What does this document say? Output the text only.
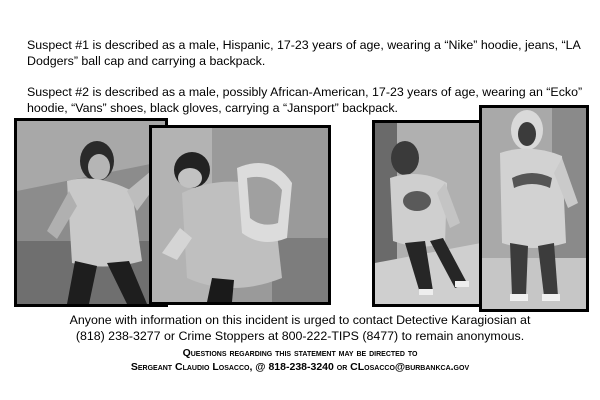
Suspect #1 is described as a male, Hispanic, 17-23 years of age, wearing a “Nike” hoodie, jeans, “LA Dodgers” ball cap and carrying a backpack.

Suspect #2 is described as a male, possibly African-American, 17-23 years of age, wearing an “Ecko” hoodie, “Vans” shoes, black gloves, carrying a “Jansport” backpack.

Anyone with information on this incident is urged to contact Detective Karagiosian at

(818) 238-3277 or Crime Stoppers at 800-222-TIPS (8477) to remain anonymous.

Questions regarding this statement may be directed to

Sergeant Claudio Losacco, @ 818-238-3240 or CLosacco@burbankca.gov
